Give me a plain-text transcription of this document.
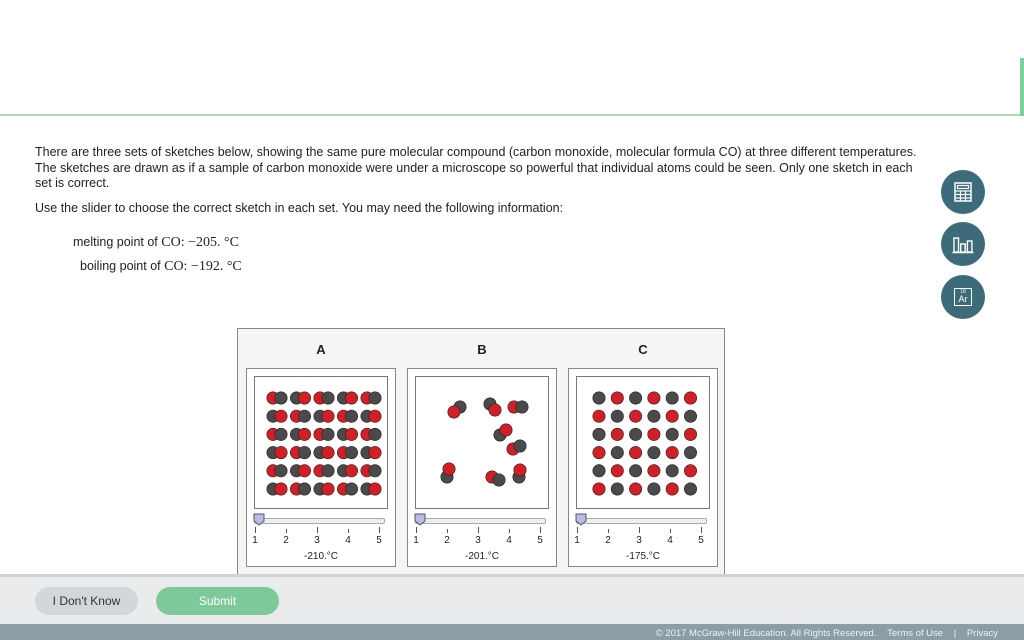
There are three sets of sketches below, showing the same pure molecular compound (carbon monoxide, molecular formula CO) at three different temperatures. The sketches are drawn as if a sample of carbon monoxide were under a microscope so powerful that individual atoms could be seen. Only one sketch in each set is correct.

Use the slider to choose the correct sketch in each set. You may need the following information:

melting point of CO: −205. °C
boiling point of CO: −192. °C
18
Ar
A	B	C
1	2	3	4	5
-210.°C
1	2	3	4	5
-201.°C
1	2	3	4	5
-175.°C
I Don't Know	Submit
© 2017 McGraw-Hill Education. All Rights Reserved. Terms of Use | Privacy
